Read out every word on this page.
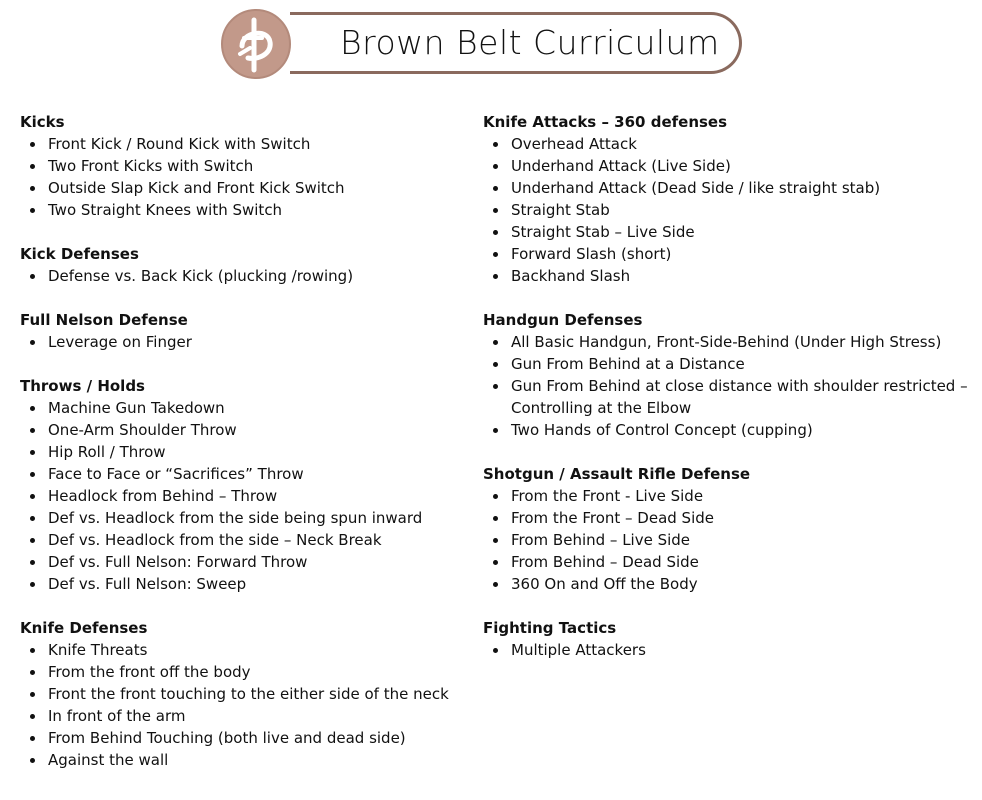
Brown Belt Curriculum
Kicks
Front Kick / Round Kick with Switch
Two Front Kicks with Switch
Outside Slap Kick and Front Kick Switch
Two Straight Knees with Switch
Kick Defenses
Defense vs. Back Kick (plucking /rowing)
Full Nelson Defense
Leverage on Finger
Throws / Holds
Machine Gun Takedown
One-Arm Shoulder Throw
Hip Roll / Throw
Face to Face or “Sacrifices” Throw
Headlock from Behind – Throw
Def vs. Headlock from the side being spun inward
Def vs. Headlock from the side – Neck Break
Def vs. Full Nelson: Forward Throw
Def vs. Full Nelson: Sweep
Knife Defenses
Knife Threats
From the front off the body
Front the front touching to the either side of the neck
In front of the arm
From Behind Touching (both live and dead side)
Against the wall
Knife Attacks – 360 defenses
Overhead Attack
Underhand Attack (Live Side)
Underhand Attack (Dead Side / like straight stab)
Straight Stab
Straight Stab – Live Side
Forward Slash (short)
Backhand Slash
Handgun Defenses
All Basic Handgun, Front-Side-Behind (Under High Stress)
Gun From Behind at a Distance
Gun From Behind at close distance with shoulder restricted – Controlling at the Elbow
Two Hands of Control Concept (cupping)
Shotgun / Assault Rifle Defense
From the Front - Live Side
From the Front – Dead Side
From Behind – Live Side
From Behind – Dead Side
360 On and Off the Body
Fighting Tactics
Multiple Attackers
